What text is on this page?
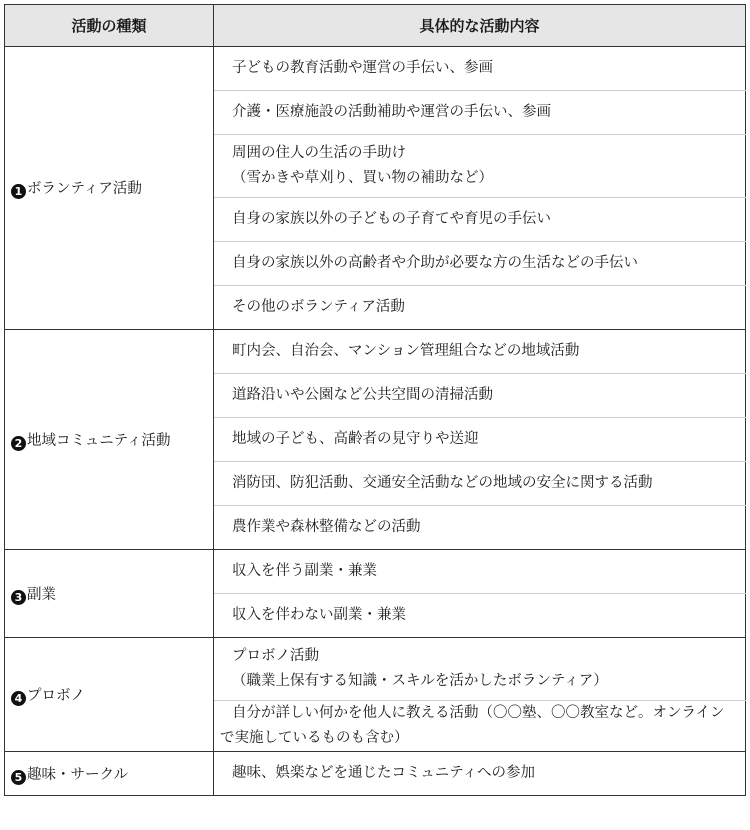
活動の種類	具体的な活動内容
1 ボランティア活動	子どもの教育活動や運営の手伝い、参画

	介護・医療施設の活動補助や運営の手伝い、参画

	周囲の住人の生活の手助け
（雪かきや草刈り、買い物の補助など）

	自身の家族以外の子どもの子育てや育児の手伝い

	自身の家族以外の高齢者や介助が必要な方の生活などの手伝い

	その他のボランティア活動

2 地域コミュニティ活動	町内会、自治会、マンション管理組合などの地域活動

	道路沿いや公園など公共空間の清掃活動

	地域の子ども、高齢者の見守りや送迎

	消防団、防犯活動、交通安全活動などの地域の安全に関する活動

	農作業や森林整備などの活動

3 副業	収入を伴う副業・兼業

	収入を伴わない副業・兼業

4 プロボノ	プロボノ活動
（職業上保有する知識・スキルを活かしたボランティア）

	自分が詳しい何かを他人に教える活動（〇〇塾、〇〇教室など。オンラインで実施しているものも含む）

5 趣味・サークル	趣味、娯楽などを通じたコミュニティへの参加
